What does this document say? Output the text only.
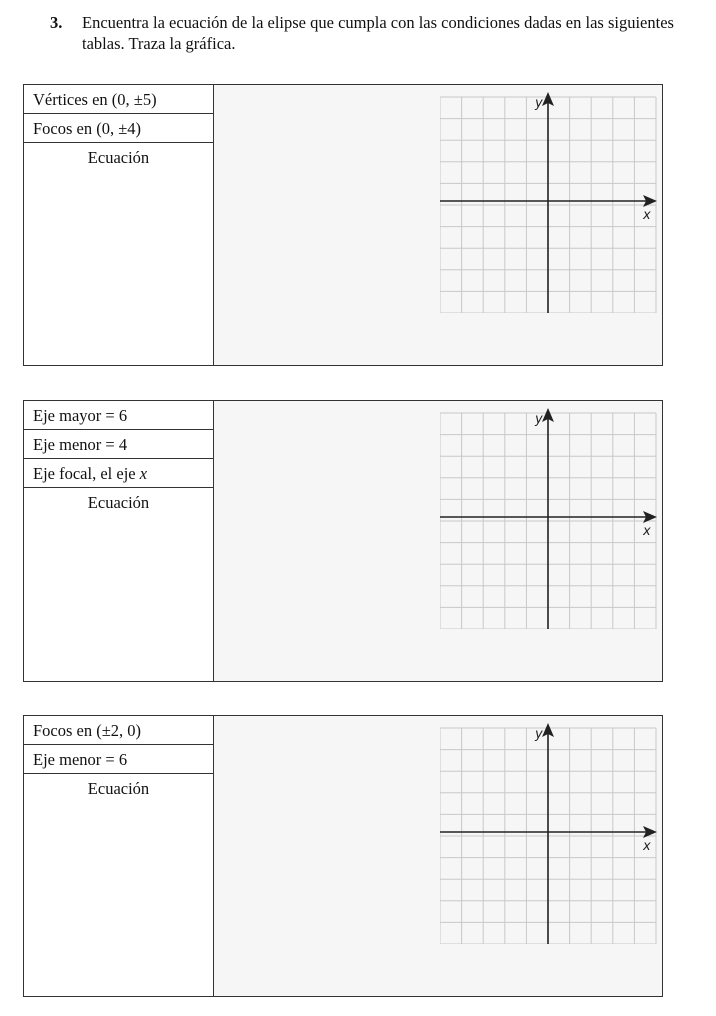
3. Encuentra la ecuación de la elipse que cumpla con las condiciones dadas en las siguientes tablas. Traza la gráfica.
Vértices en (0, ±5)
Focos en (0, ±4)
Ecuación
y
x
Eje mayor = 6
Eje menor = 4
Eje focal, el eje x
Ecuación
y
x
Focos en (±2, 0)
Eje menor = 6
Ecuación
y
x
